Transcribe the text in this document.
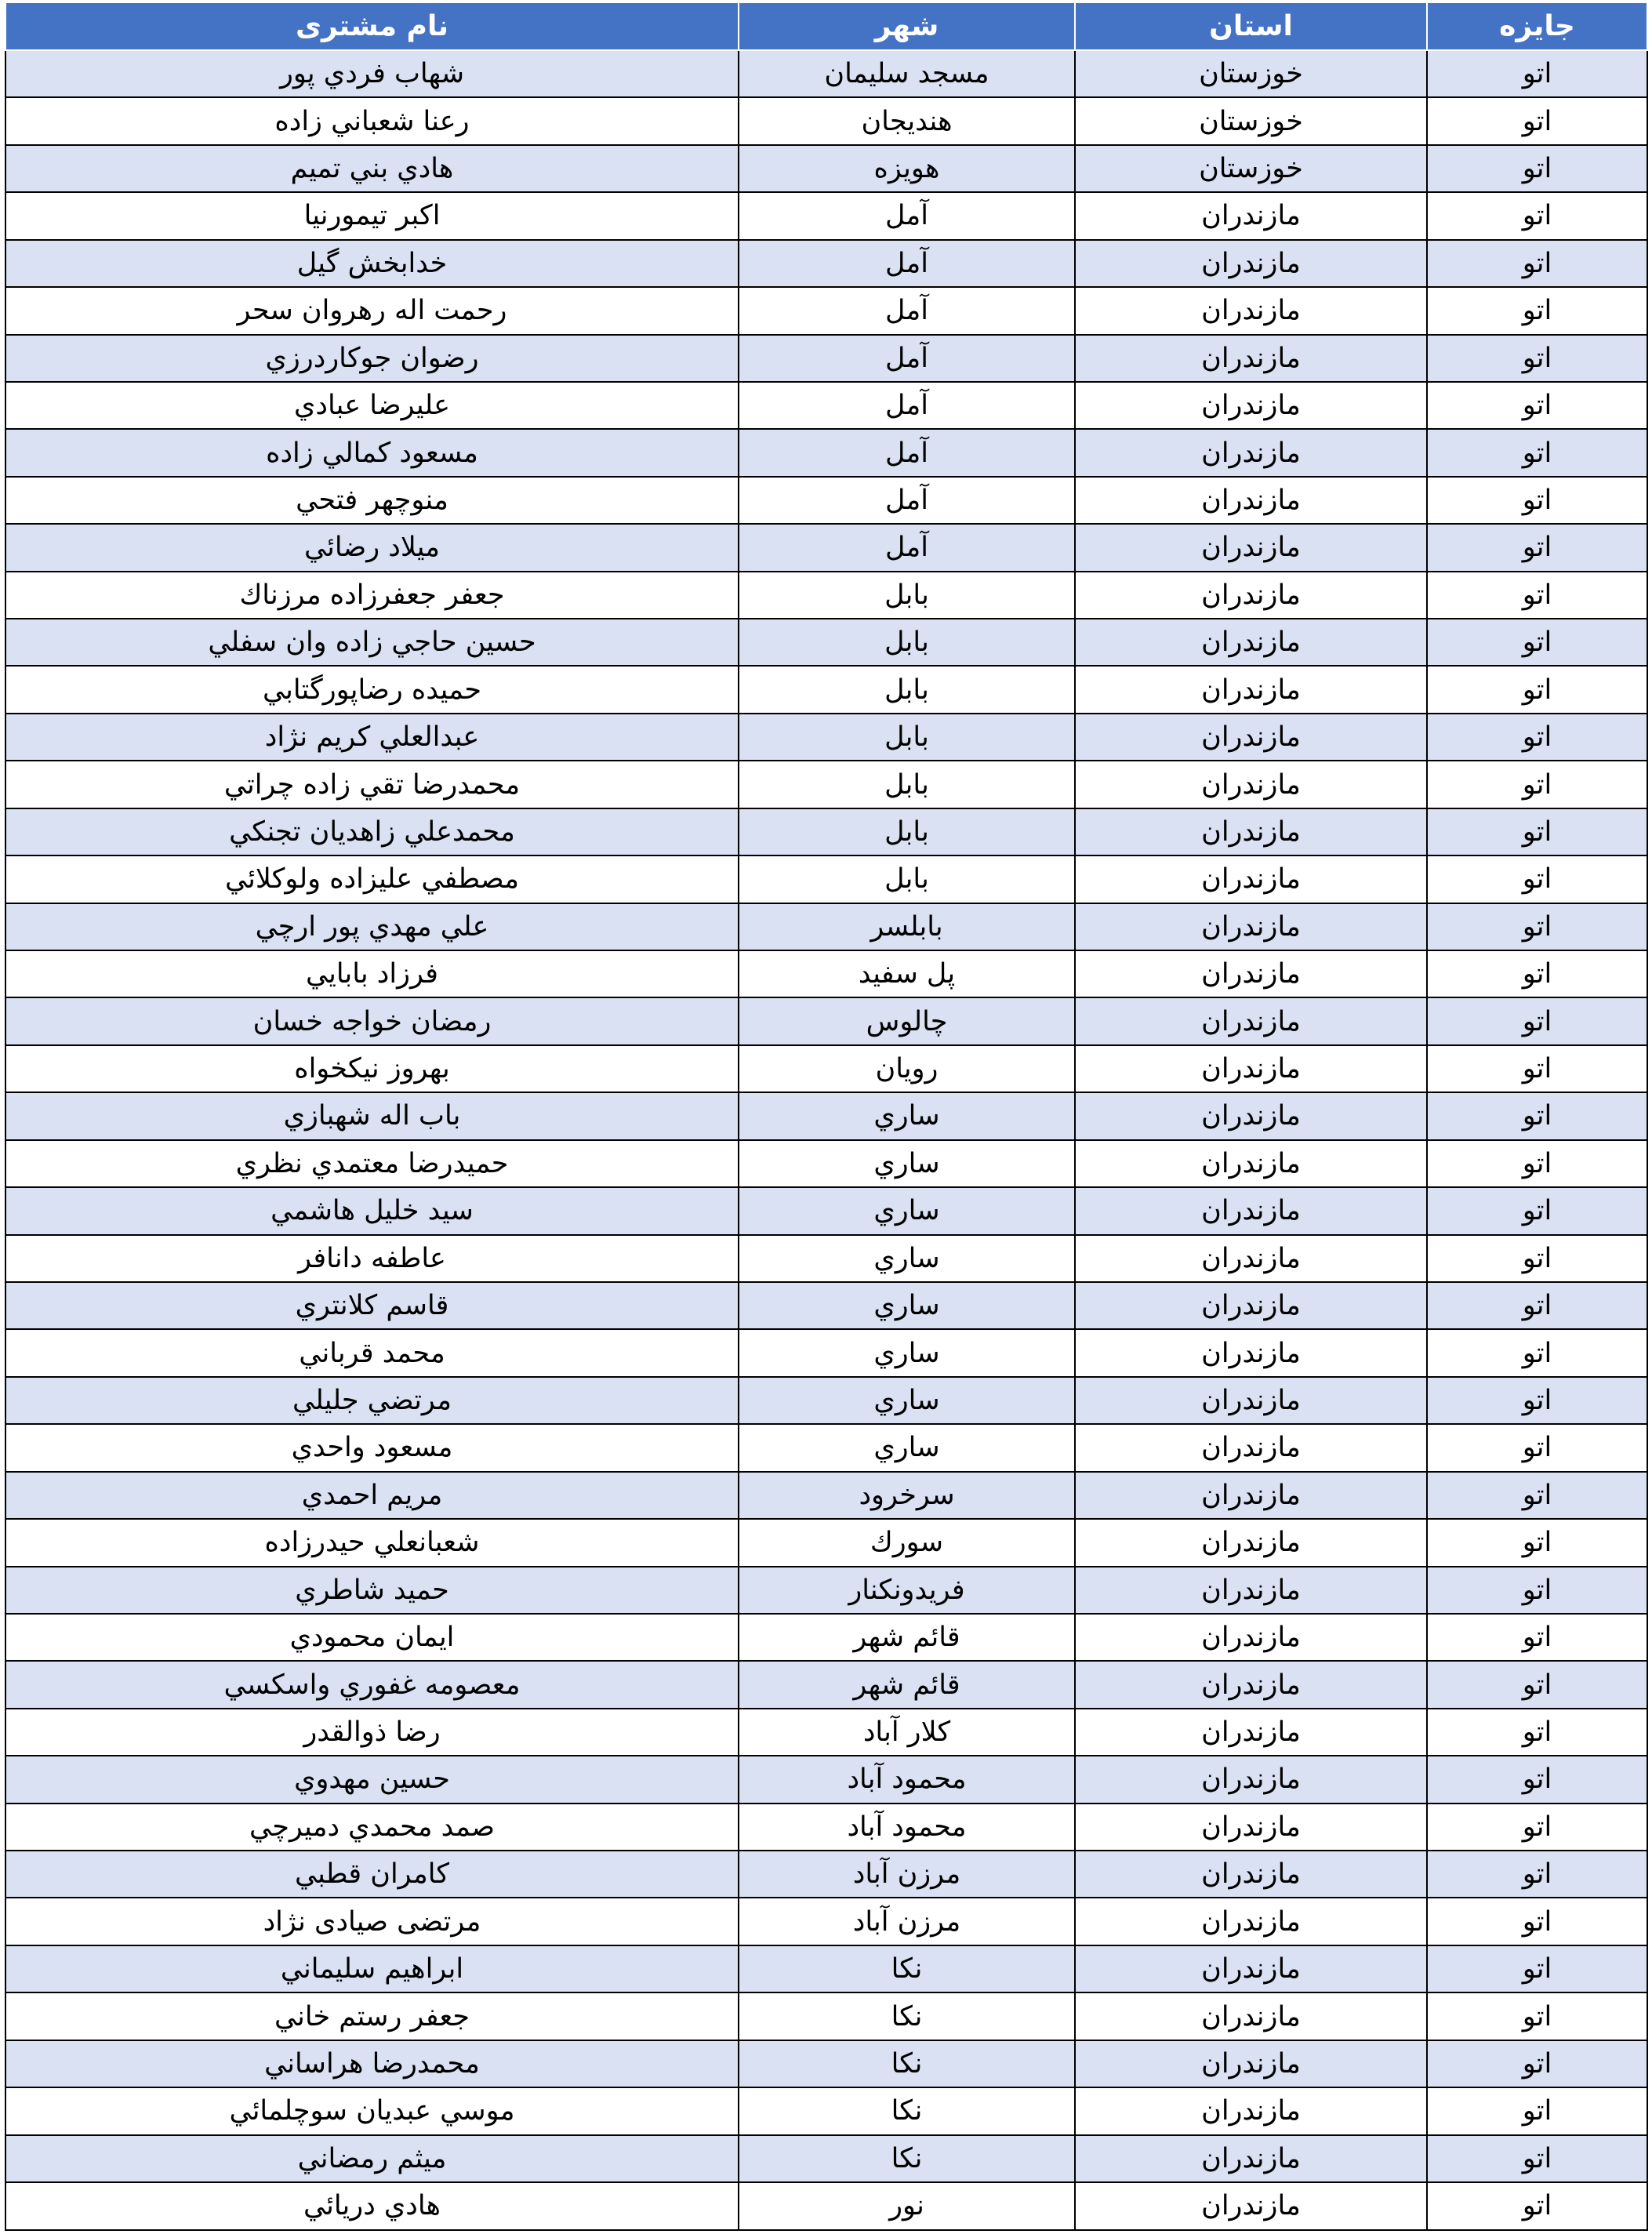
جایزه	استان	شهر	نام مشتری
اتو	خوزستان	مسجد سليمان	شهاب فردي پور
اتو	خوزستان	هنديجان	رعنا شعباني زاده
اتو	خوزستان	هويزه	هادي بني تميم
اتو	مازندران	آمل	اكبر تيمورنيا
اتو	مازندران	آمل	خدابخش گيل
اتو	مازندران	آمل	رحمت اله رهروان سحر
اتو	مازندران	آمل	رضوان جوكاردرزي
اتو	مازندران	آمل	عليرضا عبادي
اتو	مازندران	آمل	مسعود كمالي زاده
اتو	مازندران	آمل	منوچهر فتحي
اتو	مازندران	آمل	ميلاد رضائي
اتو	مازندران	بابل	جعفر جعفرزاده مرزناك
اتو	مازندران	بابل	حسين حاجي زاده وان سفلي
اتو	مازندران	بابل	حميده رضاپورگتابي
اتو	مازندران	بابل	عبدالعلي كريم نژاد
اتو	مازندران	بابل	محمدرضا تقي زاده چراتي
اتو	مازندران	بابل	محمدعلي زاهديان تجنكي
اتو	مازندران	بابل	مصطفي عليزاده ولوكلائي
اتو	مازندران	بابلسر	علي مهدي پور ارچي
اتو	مازندران	پل سفيد	فرزاد بابايي
اتو	مازندران	چالوس	رمضان خواجه خسان
اتو	مازندران	رويان	بهروز نيكخواه
اتو	مازندران	ساري	باب اله شهبازي
اتو	مازندران	ساري	حميدرضا معتمدي نظري
اتو	مازندران	ساري	سيد خليل هاشمي
اتو	مازندران	ساري	عاطفه دانافر
اتو	مازندران	ساري	قاسم كلانتري
اتو	مازندران	ساري	محمد قرباني
اتو	مازندران	ساري	مرتضي جليلي
اتو	مازندران	ساري	مسعود واحدي
اتو	مازندران	سرخرود	مريم احمدي
اتو	مازندران	سورك	شعبانعلي حيدرزاده
اتو	مازندران	فريدونكنار	حميد شاطري
اتو	مازندران	قائم شهر	ايمان محمودي
اتو	مازندران	قائم شهر	معصومه غفوري واسكسي
اتو	مازندران	كلار آباد	رضا ذوالقدر
اتو	مازندران	محمود آباد	حسين مهدوي
اتو	مازندران	محمود آباد	صمد محمدي دميرچي
اتو	مازندران	مرزن آباد	كامران قطبي
اتو	مازندران	مرزن آباد	مرتضی صیادی نژاد
اتو	مازندران	نكا	ابراهيم سليماني
اتو	مازندران	نكا	جعفر رستم خاني
اتو	مازندران	نكا	محمدرضا هراساني
اتو	مازندران	نكا	موسي عبديان سوچلمائي
اتو	مازندران	نكا	ميثم رمضاني
اتو	مازندران	نور	هادي دريائي
